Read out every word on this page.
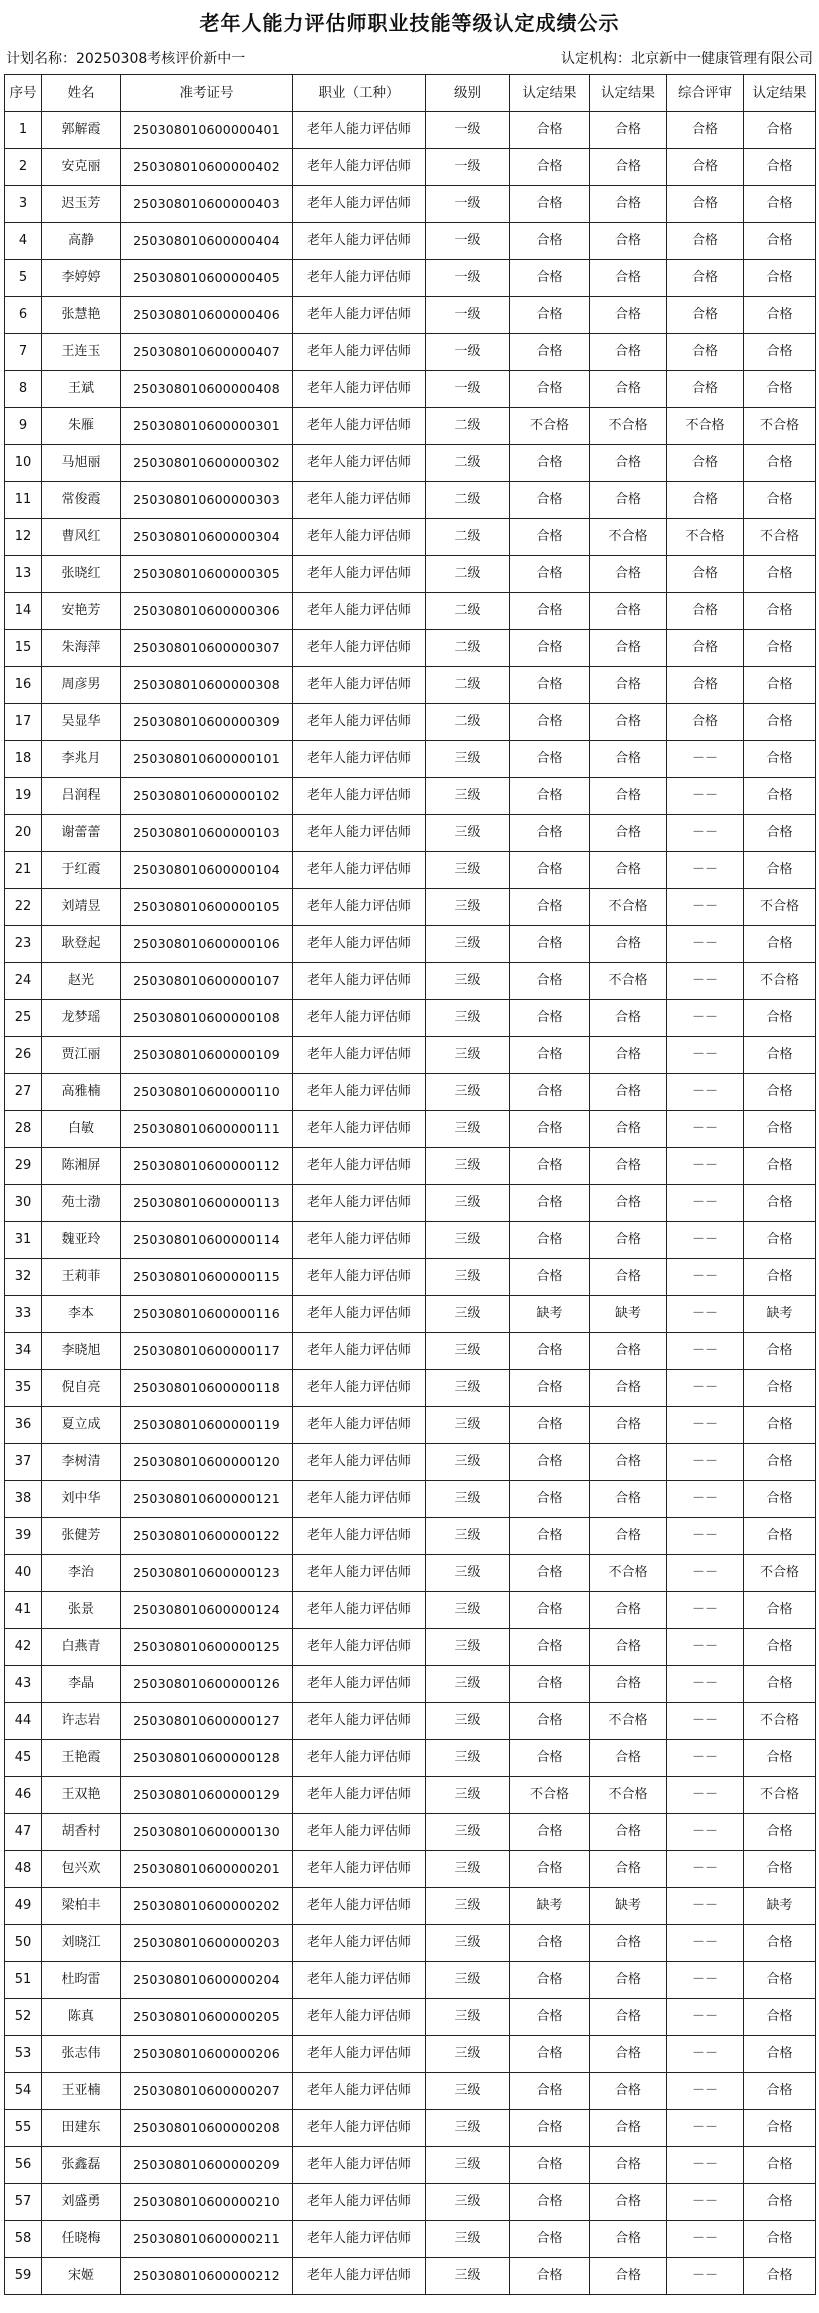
老年人能力评估师职业技能等级认定成绩公示
计划名称：20250308考核评价新中一	认定机构：北京新中一健康管理有限公司
序号	姓名	准考证号	职业（工种）	级别	认定结果	认定结果	综合评审	认定结果
1	郭解霞	250308010600000401	老年人能力评估师	一级	合格	合格	合格	合格
2	安克丽	250308010600000402	老年人能力评估师	一级	合格	合格	合格	合格
3	迟玉芳	250308010600000403	老年人能力评估师	一级	合格	合格	合格	合格
4	高静	250308010600000404	老年人能力评估师	一级	合格	合格	合格	合格
5	李婷婷	250308010600000405	老年人能力评估师	一级	合格	合格	合格	合格
6	张慧艳	250308010600000406	老年人能力评估师	一级	合格	合格	合格	合格
7	王连玉	250308010600000407	老年人能力评估师	一级	合格	合格	合格	合格
8	王斌	250308010600000408	老年人能力评估师	一级	合格	合格	合格	合格
9	朱雁	250308010600000301	老年人能力评估师	二级	不合格	不合格	不合格	不合格
10	马旭丽	250308010600000302	老年人能力评估师	二级	合格	合格	合格	合格
11	常俊霞	250308010600000303	老年人能力评估师	二级	合格	合格	合格	合格
12	曹风红	250308010600000304	老年人能力评估师	二级	合格	不合格	不合格	不合格
13	张晓红	250308010600000305	老年人能力评估师	二级	合格	合格	合格	合格
14	安艳芳	250308010600000306	老年人能力评估师	二级	合格	合格	合格	合格
15	朱海萍	250308010600000307	老年人能力评估师	二级	合格	合格	合格	合格
16	周彦男	250308010600000308	老年人能力评估师	二级	合格	合格	合格	合格
17	吴显华	250308010600000309	老年人能力评估师	二级	合格	合格	合格	合格
18	李兆月	250308010600000101	老年人能力评估师	三级	合格	合格	－－	合格
19	吕润程	250308010600000102	老年人能力评估师	三级	合格	合格	－－	合格
20	谢蕾蕾	250308010600000103	老年人能力评估师	三级	合格	合格	－－	合格
21	于红霞	250308010600000104	老年人能力评估师	三级	合格	合格	－－	合格
22	刘靖昱	250308010600000105	老年人能力评估师	三级	合格	不合格	－－	不合格
23	耿登起	250308010600000106	老年人能力评估师	三级	合格	合格	－－	合格
24	赵光	250308010600000107	老年人能力评估师	三级	合格	不合格	－－	不合格
25	龙梦瑶	250308010600000108	老年人能力评估师	三级	合格	合格	－－	合格
26	贾江丽	250308010600000109	老年人能力评估师	三级	合格	合格	－－	合格
27	高雅楠	250308010600000110	老年人能力评估师	三级	合格	合格	－－	合格
28	白敏	250308010600000111	老年人能力评估师	三级	合格	合格	－－	合格
29	陈湘屏	250308010600000112	老年人能力评估师	三级	合格	合格	－－	合格
30	苑士渤	250308010600000113	老年人能力评估师	三级	合格	合格	－－	合格
31	魏亚玲	250308010600000114	老年人能力评估师	三级	合格	合格	－－	合格
32	王莉菲	250308010600000115	老年人能力评估师	三级	合格	合格	－－	合格
33	李本	250308010600000116	老年人能力评估师	三级	缺考	缺考	－－	缺考
34	李晓旭	250308010600000117	老年人能力评估师	三级	合格	合格	－－	合格
35	倪自亮	250308010600000118	老年人能力评估师	三级	合格	合格	－－	合格
36	夏立成	250308010600000119	老年人能力评估师	三级	合格	合格	－－	合格
37	李树清	250308010600000120	老年人能力评估师	三级	合格	合格	－－	合格
38	刘中华	250308010600000121	老年人能力评估师	三级	合格	合格	－－	合格
39	张健芳	250308010600000122	老年人能力评估师	三级	合格	合格	－－	合格
40	李治	250308010600000123	老年人能力评估师	三级	合格	不合格	－－	不合格
41	张景	250308010600000124	老年人能力评估师	三级	合格	合格	－－	合格
42	白燕青	250308010600000125	老年人能力评估师	三级	合格	合格	－－	合格
43	李晶	250308010600000126	老年人能力评估师	三级	合格	合格	－－	合格
44	许志岩	250308010600000127	老年人能力评估师	三级	合格	不合格	－－	不合格
45	王艳霞	250308010600000128	老年人能力评估师	三级	合格	合格	－－	合格
46	王双艳	250308010600000129	老年人能力评估师	三级	不合格	不合格	－－	不合格
47	胡香村	250308010600000130	老年人能力评估师	三级	合格	合格	－－	合格
48	包兴欢	250308010600000201	老年人能力评估师	三级	合格	合格	－－	合格
49	梁柏丰	250308010600000202	老年人能力评估师	三级	缺考	缺考	－－	缺考
50	刘晓江	250308010600000203	老年人能力评估师	三级	合格	合格	－－	合格
51	杜昀雷	250308010600000204	老年人能力评估师	三级	合格	合格	－－	合格
52	陈真	250308010600000205	老年人能力评估师	三级	合格	合格	－－	合格
53	张志伟	250308010600000206	老年人能力评估师	三级	合格	合格	－－	合格
54	王亚楠	250308010600000207	老年人能力评估师	三级	合格	合格	－－	合格
55	田建东	250308010600000208	老年人能力评估师	三级	合格	合格	－－	合格
56	张鑫磊	250308010600000209	老年人能力评估师	三级	合格	合格	－－	合格
57	刘盛勇	250308010600000210	老年人能力评估师	三级	合格	合格	－－	合格
58	任晓梅	250308010600000211	老年人能力评估师	三级	合格	合格	－－	合格
59	宋姬	250308010600000212	老年人能力评估师	三级	合格	合格	－－	合格
